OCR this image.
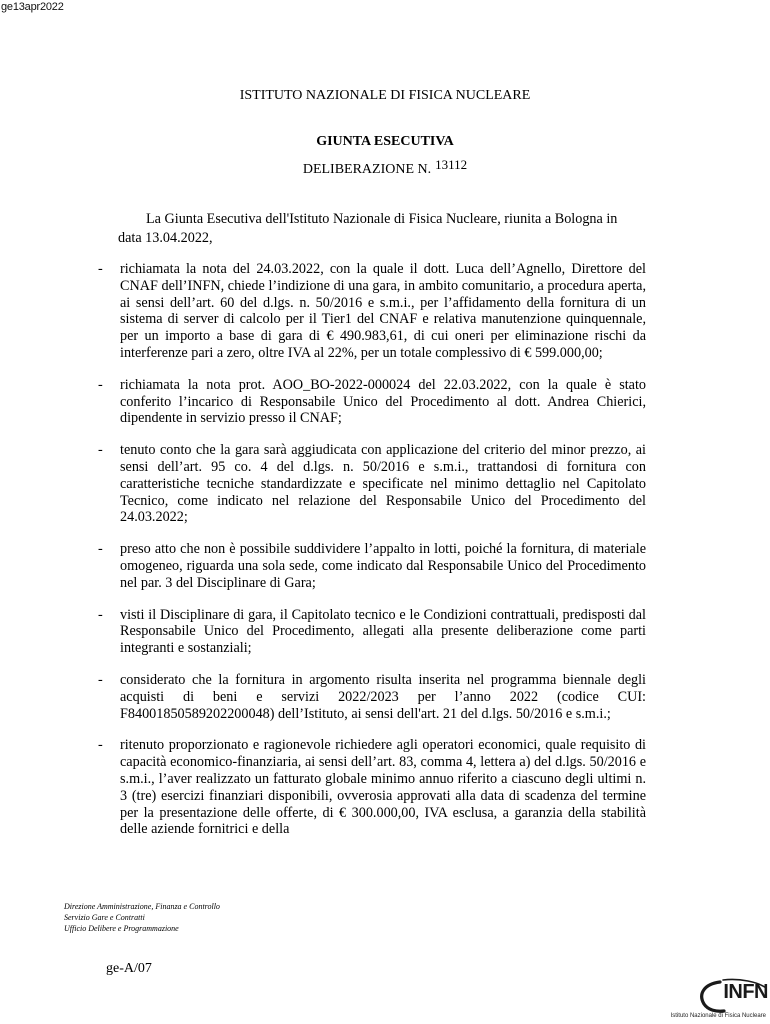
ge13apr2022
ISTITUTO NAZIONALE DI FISICA NUCLEARE
GIUNTA ESECUTIVA
DELIBERAZIONE N. 13112
La Giunta Esecutiva dell'Istituto Nazionale di Fisica Nucleare, riunita a Bologna in data 13.04.2022,
- richiamata la nota del 24.03.2022, con la quale il dott. Luca dell’Agnello, Direttore del CNAF dell’INFN, chiede l’indizione di una gara, in ambito comunitario, a procedura aperta, ai sensi dell’art. 60 del d.lgs. n. 50/2016 e s.m.i., per l’affidamento della fornitura di un sistema di server di calcolo per il Tier1 del CNAF e relativa manutenzione quinquennale, per un importo a base di gara di € 490.983,61, di cui oneri per eliminazione rischi da interferenze pari a zero, oltre IVA al 22%, per un totale complessivo di € 599.000,00;
- richiamata la nota prot. AOO_BO-2022-000024 del 22.03.2022, con la quale è stato conferito l’incarico di Responsabile Unico del Procedimento al dott. Andrea Chierici, dipendente in servizio presso il CNAF;
- tenuto conto che la gara sarà aggiudicata con applicazione del criterio del minor prezzo, ai sensi dell’art. 95 co. 4 del d.lgs. n. 50/2016 e s.m.i., trattandosi di fornitura con caratteristiche tecniche standardizzate e specificate nel minimo dettaglio nel Capitolato Tecnico, come indicato nel relazione del Responsabile Unico del Procedimento del 24.03.2022;
- preso atto che non è possibile suddividere l’appalto in lotti, poiché la fornitura, di materiale omogeneo, riguarda una sola sede, come indicato dal Responsabile Unico del Procedimento nel par. 3 del Disciplinare di Gara;
- visti il Disciplinare di gara, il Capitolato tecnico e le Condizioni contrattuali, predisposti dal Responsabile Unico del Procedimento, allegati alla presente deliberazione come parti integranti e sostanziali;
- considerato che la fornitura in argomento risulta inserita nel programma biennale degli acquisti di beni e servizi 2022/2023 per l’anno 2022 (codice CUI: F84001850589202200048) dell’Istituto, ai sensi dell'art. 21 del d.lgs. 50/2016 e s.m.i.;
- ritenuto proporzionato e ragionevole richiedere agli operatori economici, quale requisito di capacità economico-finanziaria, ai sensi dell’art. 83, comma 4, lettera a) del d.lgs. 50/2016 e s.m.i., l’aver realizzato un fatturato globale minimo annuo riferito a ciascuno degli ultimi n. 3 (tre) esercizi finanziari disponibili, ovverosia approvati alla data di scadenza del termine per la presentazione delle offerte, di € 300.000,00, IVA esclusa, a garanzia della stabilità delle aziende fornitrici e della
Direzione Amministrazione, Finanza e Controllo
Servizio Gare e Contratti
Ufficio Delibere e Programmazione
ge-A/07
INFN
Istituto Nazionale di Fisica Nucleare
